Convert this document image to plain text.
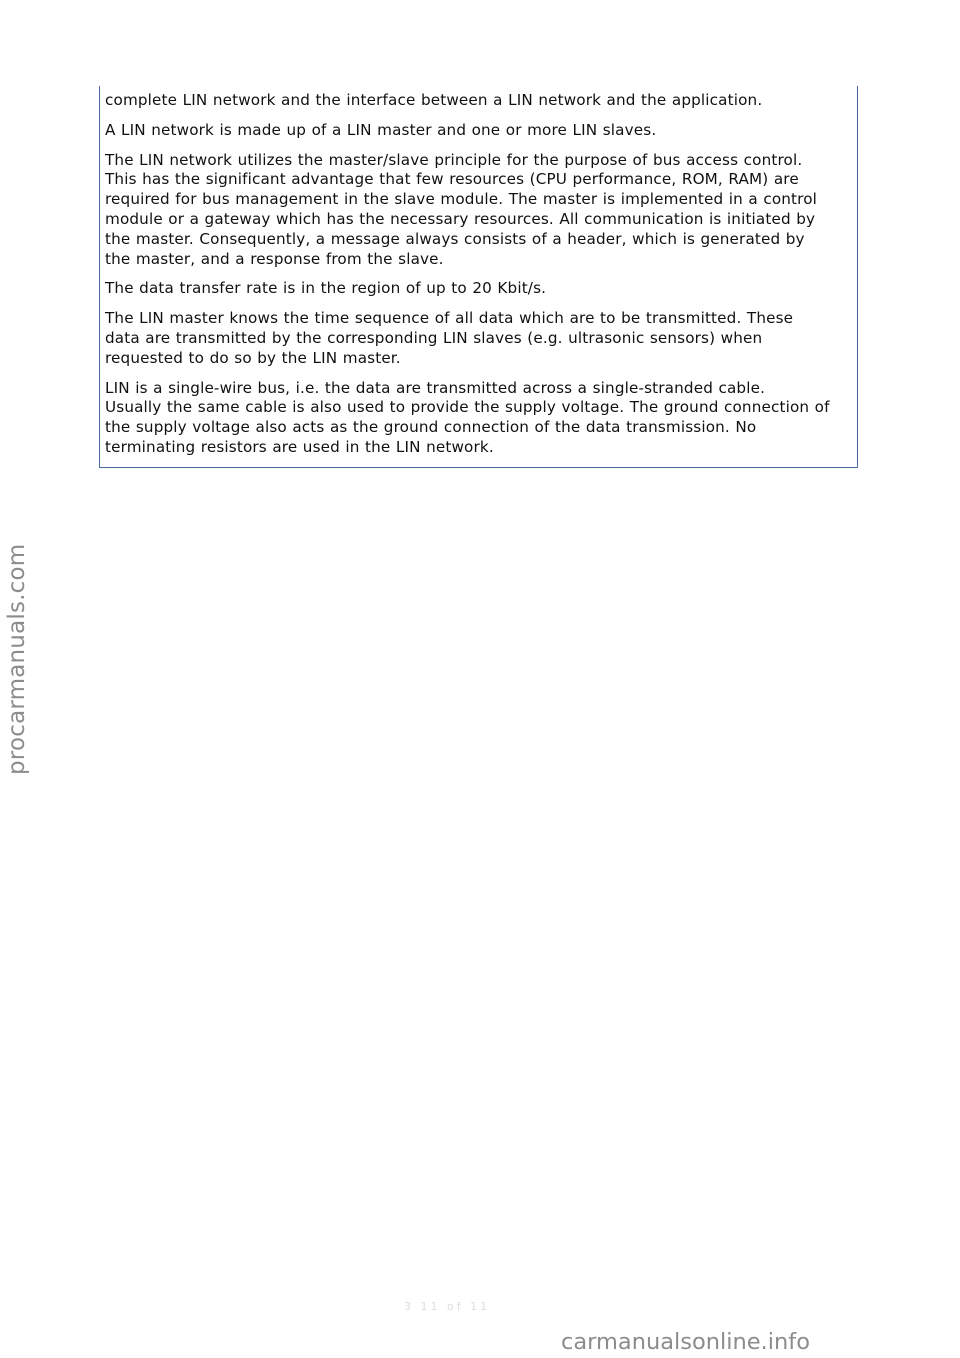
complete LIN network and the interface between a LIN network and the application.

A LIN network is made up of a LIN master and one or more LIN slaves.

The LIN network utilizes the master/slave principle for the purpose of bus access control.
This has the significant advantage that few resources (CPU performance, ROM, RAM) are
required for bus management in the slave module. The master is implemented in a control
module or a gateway which has the necessary resources. All communication is initiated by
the master. Consequently, a message always consists of a header, which is generated by
the master, and a response from the slave.

The data transfer rate is in the region of up to 20 Kbit/s.

The LIN master knows the time sequence of all data which are to be transmitted. These
data are transmitted by the corresponding LIN slaves (e.g. ultrasonic sensors) when
requested to do so by the LIN master.

LIN is a single-wire bus, i.e. the data are transmitted across a single-stranded cable.
Usually the same cable is also used to provide the supply voltage. The ground connection of
the supply voltage also acts as the ground connection of the data transmission. No
terminating resistors are used in the LIN network.

procarmanuals.com
3 11 of 11
carmanualsonline.info
